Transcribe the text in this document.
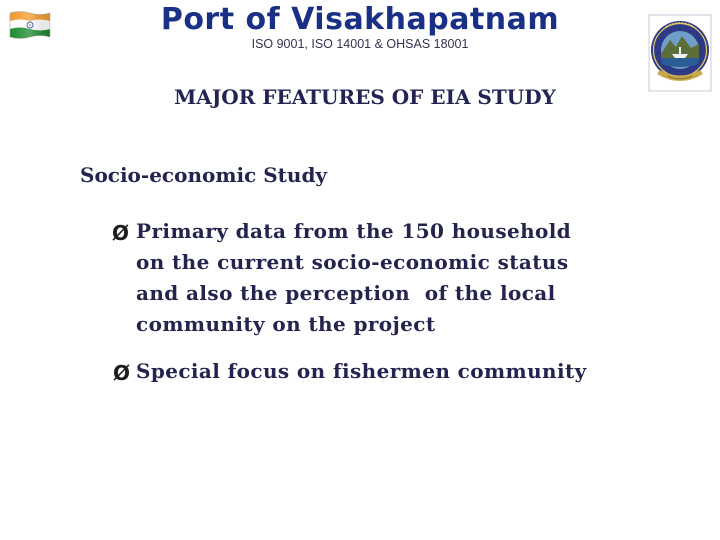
Port of Visakhapatnam
ISO 9001, ISO 14001 & OHSAS 18001
MAJOR FEATURES OF EIA STUDY
Socio-economic Study
Ø Primary data from the 150 household
on the current socio-economic status
and also the perception  of the local
community on the project
Ø Special focus on fishermen community
